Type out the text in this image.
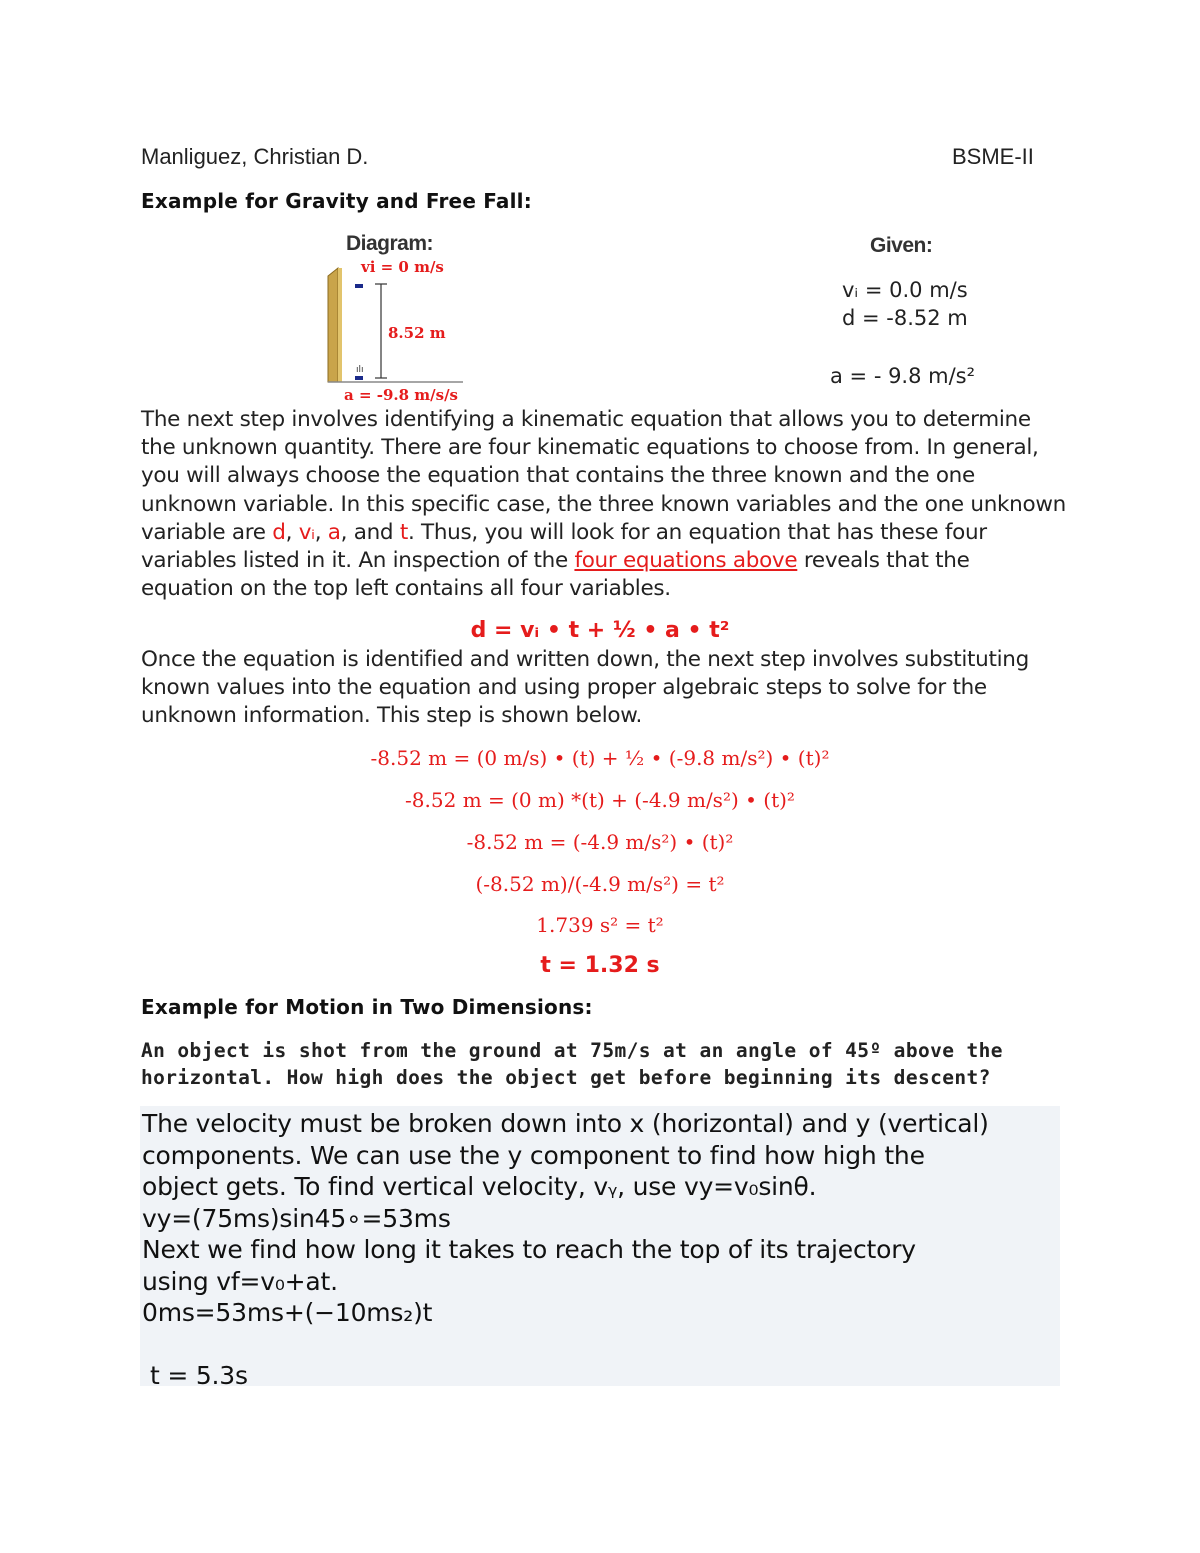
Manliguez, Christian D.	BSME-II
Example for Gravity and Free Fall:
Diagram:
ılı
vi = 0 m/s
8.52 m
a = -9.8 m/s/s
Given:
vᵢ = 0.0 m/s
d = -8.52 m
a = - 9.8 m/s²
The next step involves identifying a kinematic equation that allows you to determine the unknown quantity. There are four kinematic equations to choose from. In general, you will always choose the equation that contains the three known and the one unknown variable. In this specific case, the three known variables and the one unknown variable are d, vᵢ, a, and t. Thus, you will look for an equation that has these four variables listed in it. An inspection of the four equations above reveals that the equation on the top left contains all four variables.
d = vᵢ • t + ½ • a • t²
Once the equation is identified and written down, the next step involves substituting known values into the equation and using proper algebraic steps to solve for the unknown information. This step is shown below.
-8.52 m = (0 m/s) • (t) + ½ • (-9.8 m/s²) • (t)²
-8.52 m = (0 m) *(t) + (-4.9 m/s²) • (t)²
-8.52 m = (-4.9 m/s²) • (t)²
(-8.52 m)/(-4.9 m/s²) = t²
1.739 s² = t²
t = 1.32 s
Example for Motion in Two Dimensions:
An object is shot from the ground at 75m/s at an angle of 45º above the horizontal. How high does the object get before beginning its descent?
The velocity must be broken down into x (horizontal) and y (vertical)
components. We can use the y component to find how high the
object gets. To find vertical velocity, vᵧ, use vy=v₀sinθ.
vy=(75ms)sin45∘=53ms
Next we find how long it takes to reach the top of its trajectory
using vf=v₀+at.
0ms=53ms+(−10ms₂)t
t = 5.3s
